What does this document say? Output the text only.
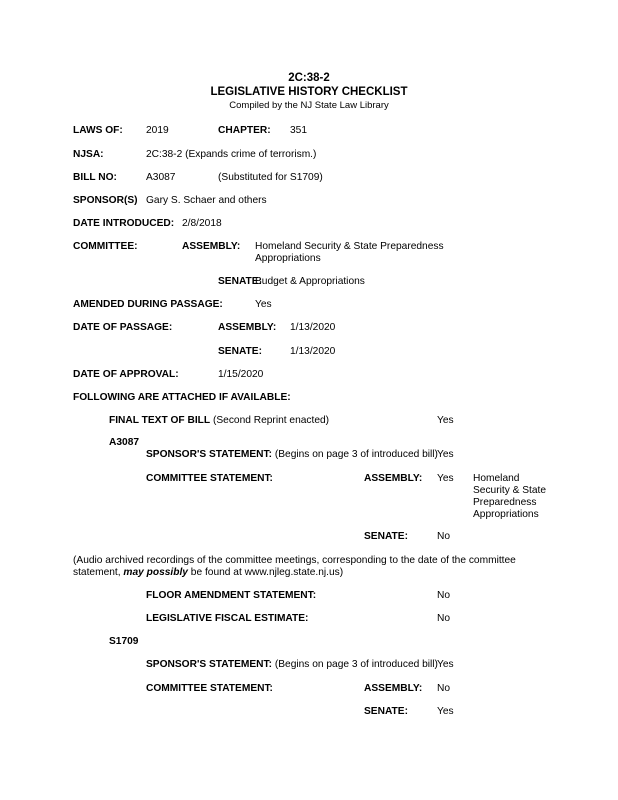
2C:38-2
LEGISLATIVE HISTORY CHECKLIST
Compiled by the NJ State Law Library
LAWS OF: 2019	CHAPTER: 351
NJSA:	2C:38-2 (Expands crime of terrorism.)
BILL NO:	A3087	(Substituted for S1709)
SPONSOR(S) Gary S. Schaer and others
DATE INTRODUCED: 2/8/2018
COMMITTEE:	ASSEMBLY: Homeland Security & State Preparedness
Appropriations
SENATE:
Budget & Appropriations
AMENDED DURING PASSAGE:	Yes
DATE OF PASSAGE:	ASSEMBLY: 1/13/2020
SENATE:	1/13/2020
DATE OF APPROVAL:	1/15/2020
FOLLOWING ARE ATTACHED IF AVAILABLE:
FINAL TEXT OF BILL (Second Reprint enacted)	Yes
A3087
SPONSOR'S STATEMENT: (Begins on page 3 of introduced bill) Yes
COMMITTEE STATEMENT:	ASSEMBLY: Yes Homeland
Security & State
Preparedness
Appropriations
SENATE:	No
(Audio archived recordings of the committee meetings, corresponding to the date of the committee
statement, may possibly be found at www.njleg.state.nj.us)
FLOOR AMENDMENT STATEMENT:	No
LEGISLATIVE FISCAL ESTIMATE:	No
S1709
SPONSOR'S STATEMENT: (Begins on page 3 of introduced bill) Yes
COMMITTEE STATEMENT:	ASSEMBLY: No
SENATE:	Yes
